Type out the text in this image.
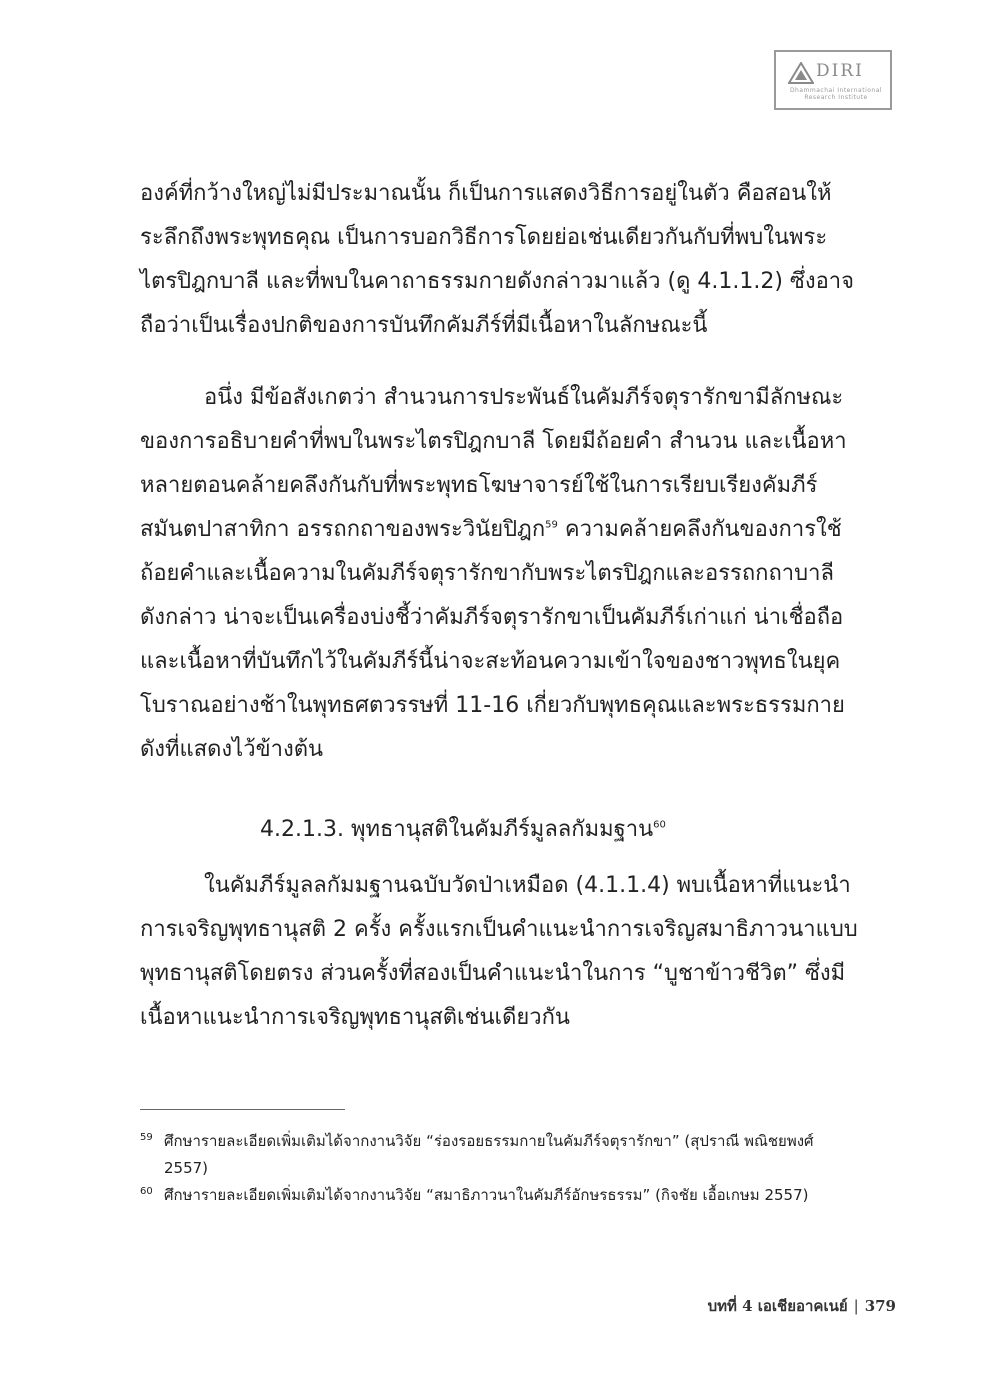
DIRI
Dhammachai International
Research Institute
องค์ที่กว้างใหญ่ไม่มีประมาณนั้น ก็เป็นการแสดงวิธีการอยู่ในตัว คือสอนให้
ระลึกถึงพระพุทธคุณ เป็นการบอกวิธีการโดยย่อเช่นเดียวกันกับที่พบในพระ
ไตรปิฎกบาลี และที่พบในคาถาธรรมกายดังกล่าวมาแล้ว (ดู 4.1.1.2) ซึ่งอาจ
ถือว่าเป็นเรื่องปกติของการบันทึกคัมภีร์ที่มีเนื้อหาในลักษณะนี้
อนึ่ง มีข้อสังเกตว่า สำนวนการประพันธ์ในคัมภีร์จตุรารักขามีลักษณะ
ของการอธิบายคำที่พบในพระไตรปิฎกบาลี โดยมีถ้อยคำ สำนวน และเนื้อหา
หลายตอนคล้ายคลึงกันกับที่พระพุทธโฆษาจารย์ใช้ในการเรียบเรียงคัมภีร์
สมันตปาสาทิกา อรรถกถาของพระวินัยปิฎก$^{59}$ ความคล้ายคลึงกันของการใช้
ถ้อยคำและเนื้อความในคัมภีร์จตุรารักขากับพระไตรปิฎกและอรรถกถาบาลี
ดังกล่าว น่าจะเป็นเครื่องบ่งชี้ว่าคัมภีร์จตุรารักขาเป็นคัมภีร์เก่าแก่ น่าเชื่อถือ
และเนื้อหาที่บันทึกไว้ในคัมภีร์นี้น่าจะสะท้อนความเข้าใจของชาวพุทธในยุค
โบราณอย่างช้าในพุทธศตวรรษที่ 11-16 เกี่ยวกับพุทธคุณและพระธรรมกาย
ดังที่แสดงไว้ข้างต้น
4.2.1.3. พุทธานุสติในคัมภีร์มูลลกัมมฐาน$^{60}$
ในคัมภีร์มูลลกัมมฐานฉบับวัดป่าเหมือด (4.1.1.4) พบเนื้อหาที่แนะนำ
การเจริญพุทธานุสติ 2 ครั้ง ครั้งแรกเป็นคำแนะนำการเจริญสมาธิภาวนาแบบ
พุทธานุสติโดยตรง ส่วนครั้งที่สองเป็นคำแนะนำในการ “บูชาข้าวชีวิต” ซึ่งมี
เนื้อหาแนะนำการเจริญพุทธานุสติเช่นเดียวกัน
59 ศึกษารายละเอียดเพิ่มเติมได้จากงานวิจัย “ร่องรอยธรรมกายในคัมภีร์จตุรารักขา” (สุปราณี พณิชยพงศ์
2557)
60 ศึกษารายละเอียดเพิ่มเติมได้จากงานวิจัย “สมาธิภาวนาในคัมภีร์อักษรธรรม” (กิจชัย เอื้อเกษม 2557)
บทที่ 4 เอเชียอาคเนย์ | 379
